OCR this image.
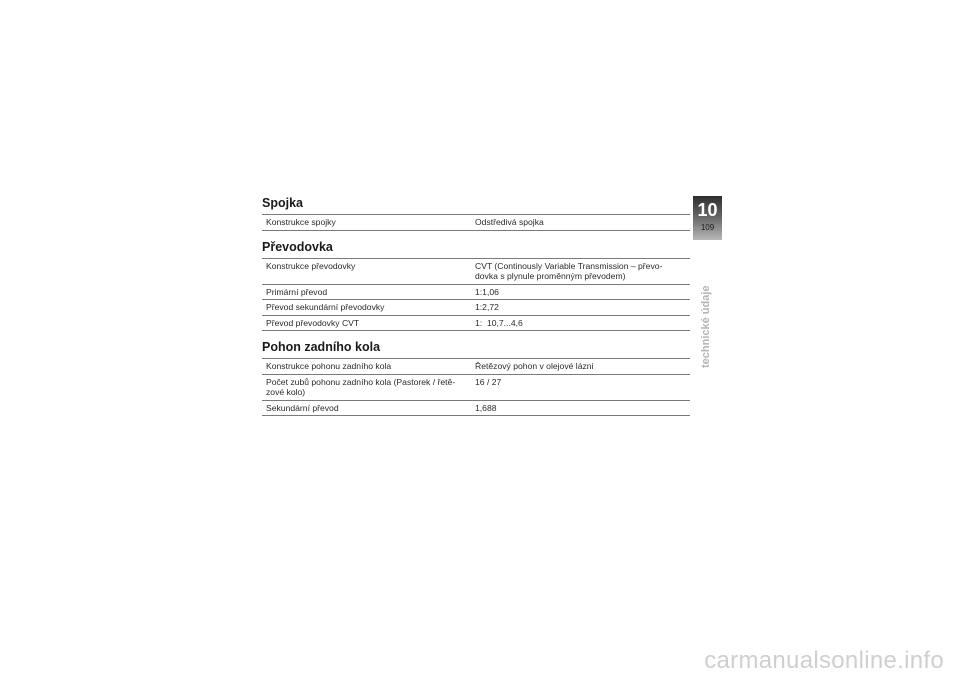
Spojka
Konstrukce spojky	Odstředivá spojka
Převodovka
Konstrukce převodovky	CVT (Continously Variable Transmission – převo-
dovka s plynule proměnným převodem)
Primární převod	1:1,06
Převod sekundární převodovky	1:2,72
Převod převodovky CVT	1:  10,7...4,6
Pohon zadního kola
Konstrukce pohonu zadního kola	Řetězový pohon v olejové lázni
Počet zubů pohonu zadního kola (Pastorek / řetě-
zové kolo)	16 / 27
Sekundární převod	1,688
10
109
technické údaje
carmanualsonline.info
